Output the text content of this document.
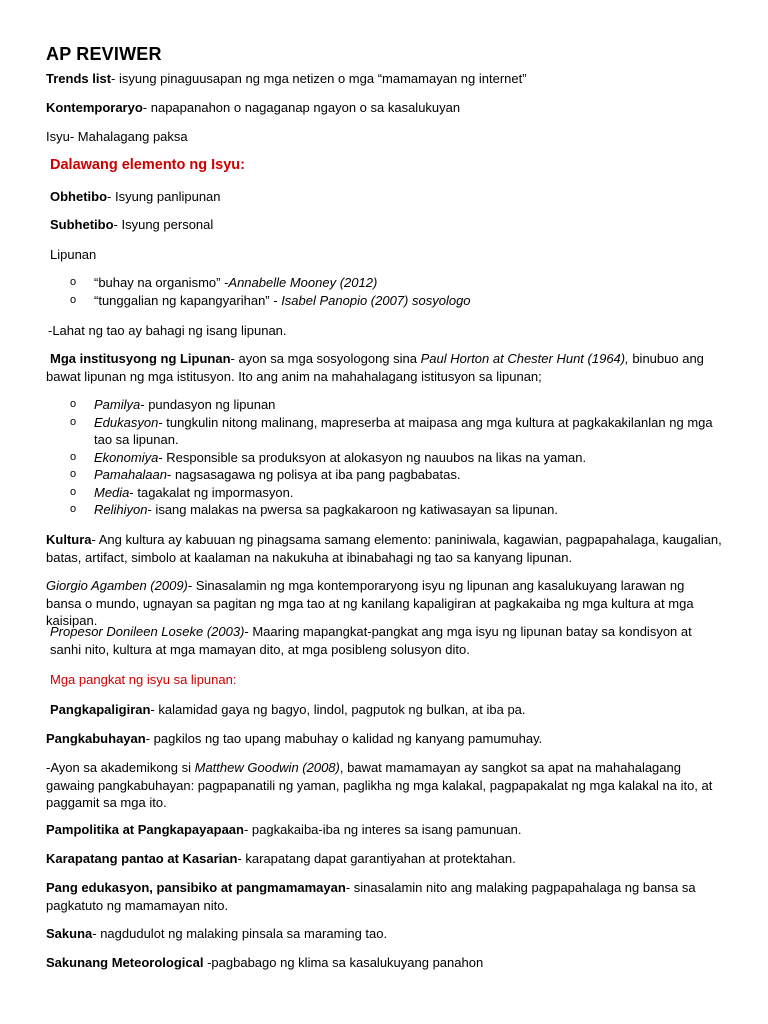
AP REVIWER
Trends list- isyung pinaguusapan ng mga netizen o mga “mamamayan ng internet”
Kontemporaryo- napapanahon o nagaganap ngayon o sa kasalukuyan
Isyu- Mahalagang paksa
Dalawang elemento ng Isyu:
Obhetibo- Isyung panlipunan
Subhetibo- Isyung personal
Lipunan
o “buhay na organismo” -Annabelle Mooney (2012)
o “tunggalian ng kapangyarihan” - Isabel Panopio (2007) sosyologo
-Lahat ng tao ay bahagi ng isang lipunan.
Mga institusyong ng Lipunan- ayon sa mga sosyologong sina Paul Horton at Chester Hunt (1964), binubuo ang bawat lipunan ng mga istitusyon. Ito ang anim na mahahalagang istitusyon sa lipunan;
o Pamilya- pundasyon ng lipunan
o Edukasyon- tungkulin nitong malinang, mapreserba at maipasa ang mga kultura at pagkakakilanlan ng mga tao sa lipunan.
o Ekonomiya- Responsible sa produksyon at alokasyon ng nauubos na likas na yaman.
o Pamahalaan- nagsasagawa ng polisya at iba pang pagbabatas.
o Media- tagakalat ng impormasyon.
o Relihiyon- isang malakas na pwersa sa pagkakaroon ng katiwasayan sa lipunan.
Kultura- Ang kultura ay kabuuan ng pinagsama samang elemento: paniniwala, kagawian, pagpapahalaga, kaugalian, batas, artifact, simbolo at kaalaman na nakukuha at ibinabahagi ng tao sa kanyang lipunan.
Giorgio Agamben (2009)- Sinasalamin ng mga kontemporaryong isyu ng lipunan ang kasalukuyang larawan ng bansa o mundo, ugnayan sa pagitan ng mga tao at ng kanilang kapaligiran at pagkakaiba ng mga kultura at mga kaisipan.
Propesor Donileen Loseke (2003)- Maaring mapangkat-pangkat ang mga isyu ng lipunan batay sa kondisyon at sanhi nito, kultura at mga mamayan dito, at mga posibleng solusyon dito.
Mga pangkat ng isyu sa lipunan:
Pangkapaligiran- kalamidad gaya ng bagyo, lindol, pagputok ng bulkan, at iba pa.
Pangkabuhayan- pagkilos ng tao upang mabuhay o kalidad ng kanyang pamumuhay.
-Ayon sa akademikong si Matthew Goodwin (2008), bawat mamamayan ay sangkot sa apat na mahahalagang gawaing pangkabuhayan: pagpapanatili ng yaman, paglikha ng mga kalakal, pagpapakalat ng mga kalakal na ito, at paggamit sa mga ito.
Pampolitika at Pangkapayapaan- pagkakaiba-iba ng interes sa isang pamunuan.
Karapatang pantao at Kasarian- karapatang dapat garantiyahan at protektahan.
Pang edukasyon, pansibiko at pangmamamayan- sinasalamin nito ang malaking pagpapahalaga ng bansa sa pagkatuto ng mamamayan nito.
Sakuna- nagdudulot ng malaking pinsala sa maraming tao.
Sakunang Meteorological -pagbabago ng klima sa kasalukuyang panahon
